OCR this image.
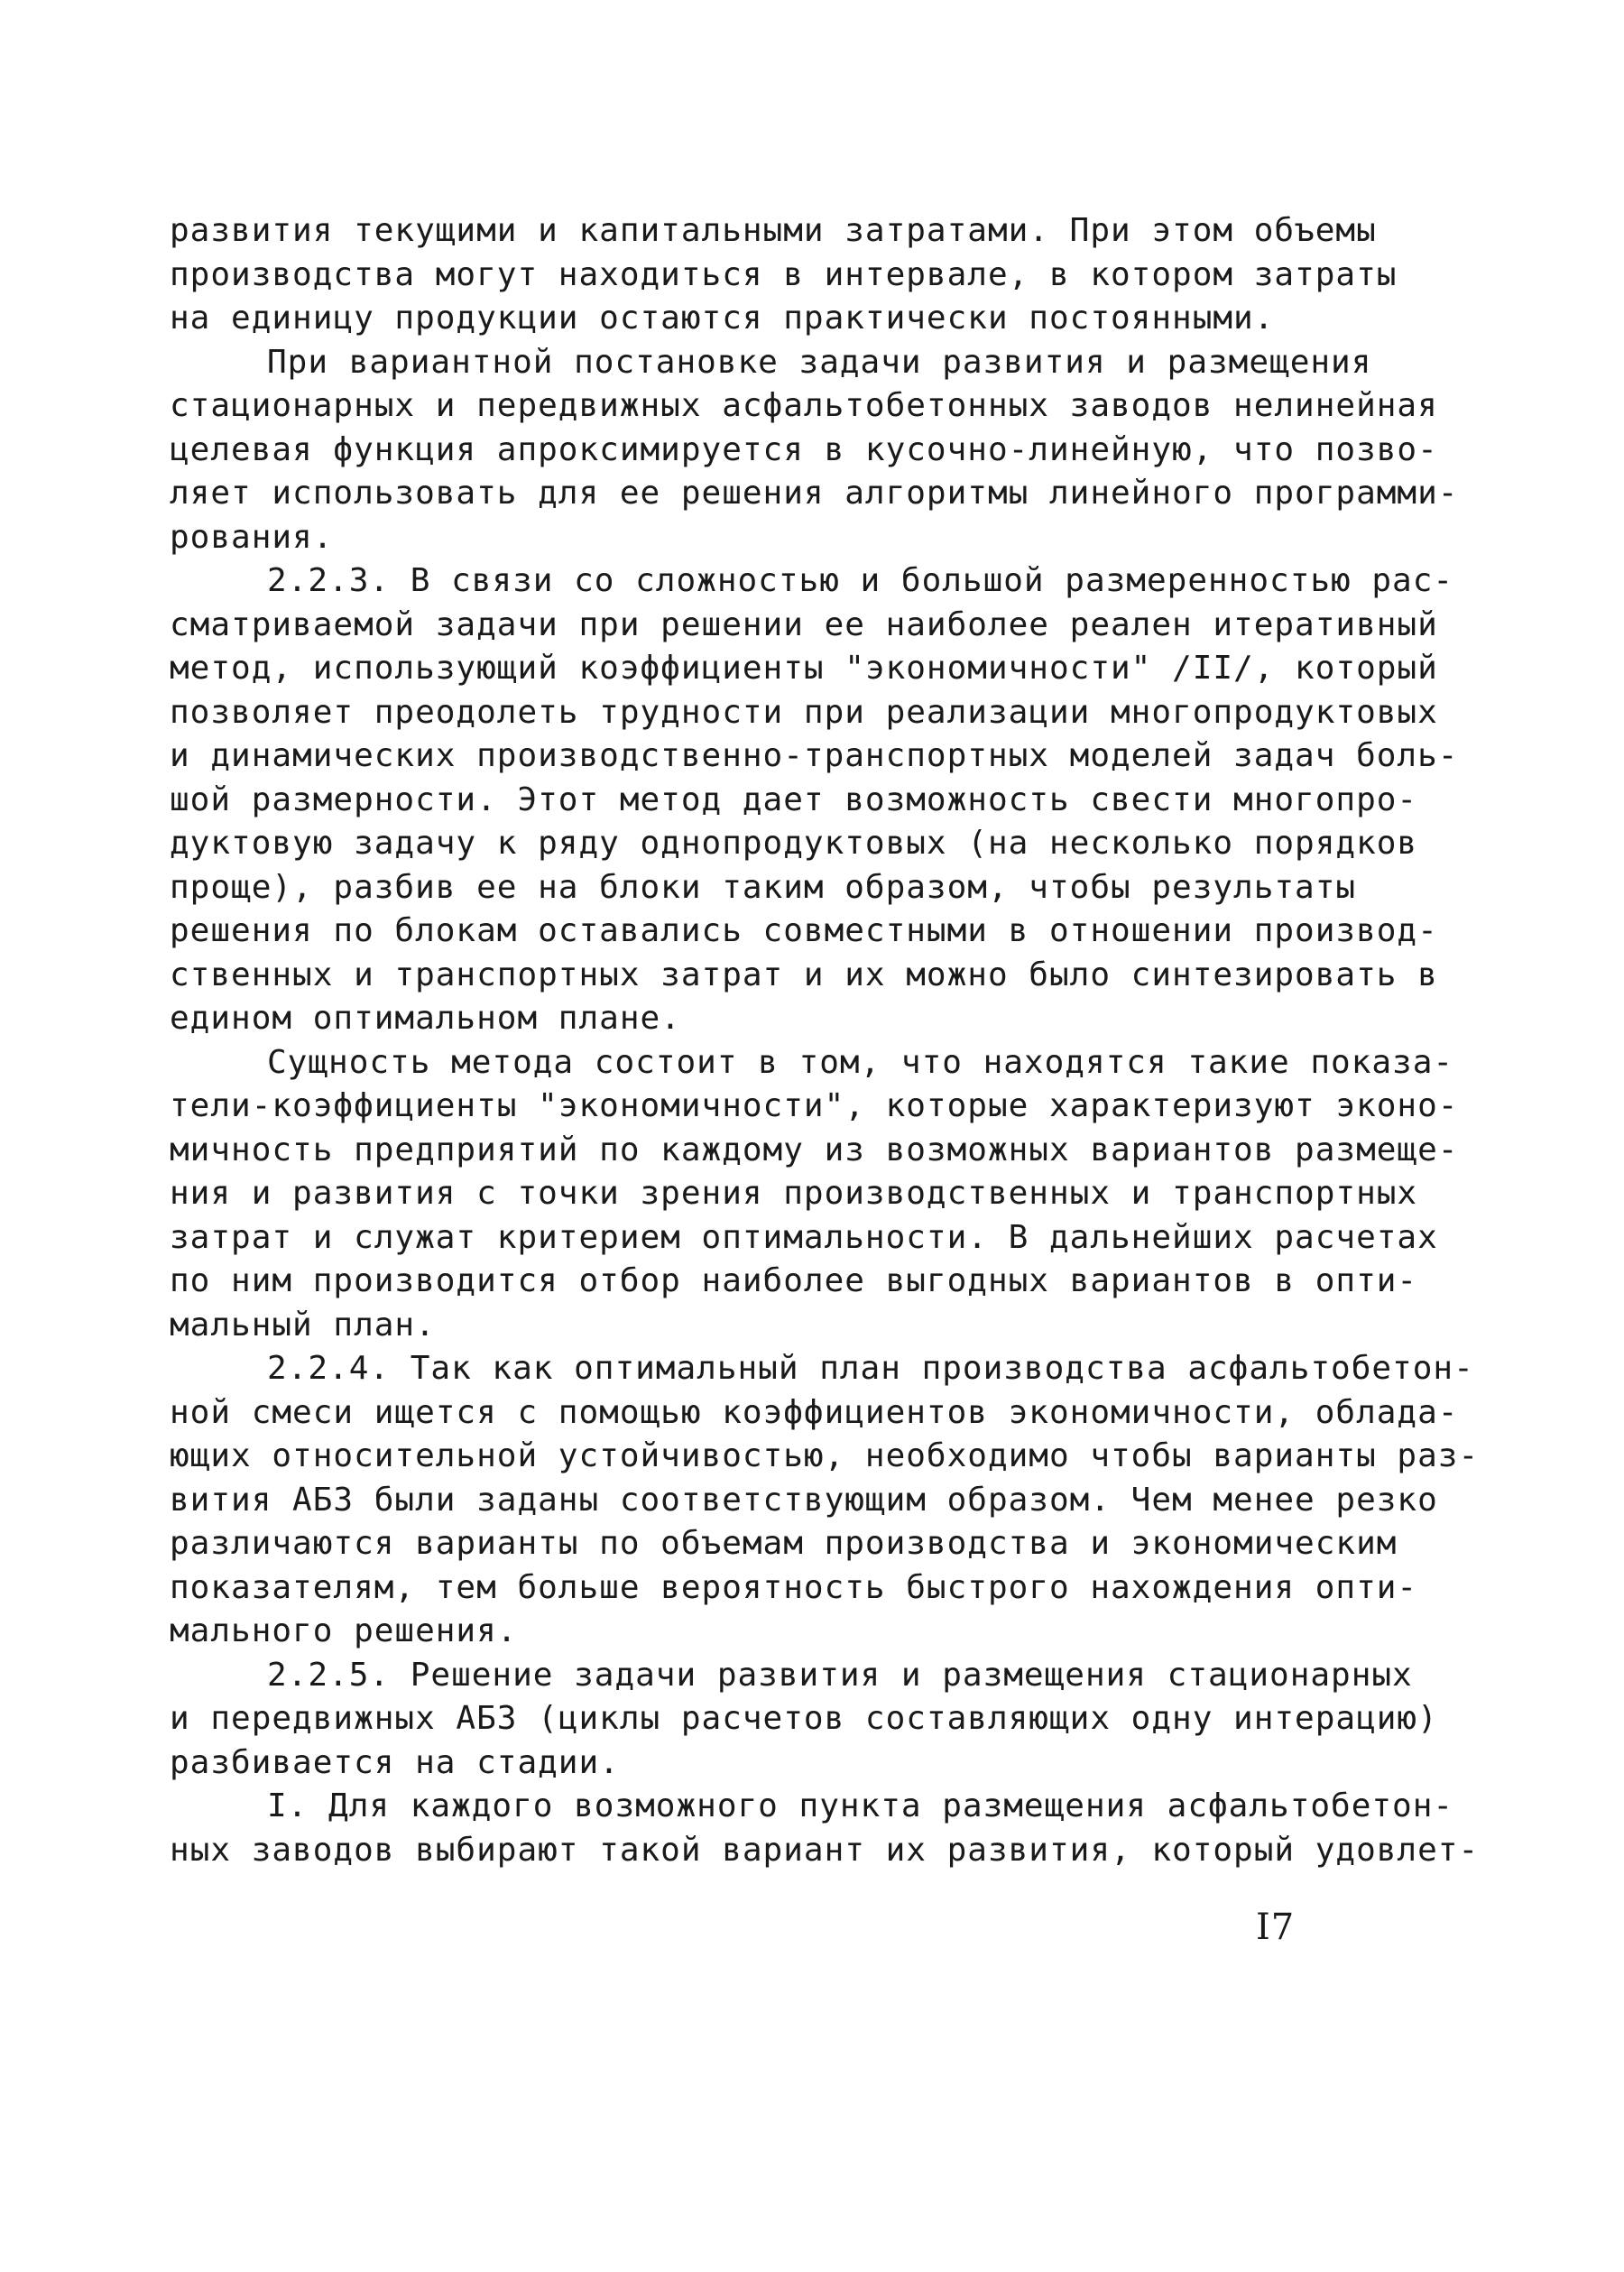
развития текущими и капитальными затратами. При этом объемы
производства могут находиться в интервале, в котором затраты
на единицу продукции остаются практически постоянными.
При вариантной постановке задачи развития и размещения
стационарных и передвижных асфальтобетонных заводов нелинейная
целевая функция апроксимируется в кусочно-линейную, что позво-
ляет использовать для ее решения алгоритмы линейного программи-
рования.
2.2.3. В связи со сложностью и большой размеренностью рас-
сматриваемой задачи при решении ее наиболее реален итеративный
метод, использующий коэффициенты "экономичности" /II/, который
позволяет преодолеть трудности при реализации многопродуктовых
и динамических производственно-транспортных моделей задач боль-
шой размерности. Этот метод дает возможность свести многопро-
дуктовую задачу к ряду однопродуктовых (на несколько порядков
проще), разбив ее на блоки таким образом, чтобы результаты
решения по блокам оставались совместными в отношении производ-
ственных и транспортных затрат и их можно было синтезировать в
едином оптимальном плане.
Сущность метода состоит в том, что находятся такие показа-
тели-коэффициенты "экономичности", которые характеризуют эконо-
мичность предприятий по каждому из возможных вариантов размеще-
ния и развития с точки зрения производственных и транспортных
затрат и служат критерием оптимальности. В дальнейших расчетах
по ним производится отбор наиболее выгодных вариантов в опти-
мальный план.
2.2.4. Так как оптимальный план производства асфальтобетон-
ной смеси ищется с помощью коэффициентов экономичности, облада-
ющих относительной устойчивостью, необходимо чтобы варианты раз-
вития АБЗ были заданы соответствующим образом. Чем менее резко
различаются варианты по объемам производства и экономическим
показателям, тем больше вероятность быстрого нахождения опти-
мального решения.
2.2.5. Решение задачи развития и размещения стационарных
и передвижных АБЗ (циклы расчетов составляющих одну интерацию)
разбивается на стадии.
I. Для каждого возможного пункта размещения асфальтобетон-
ных заводов выбирают такой вариант их развития, который удовлет-
I7
